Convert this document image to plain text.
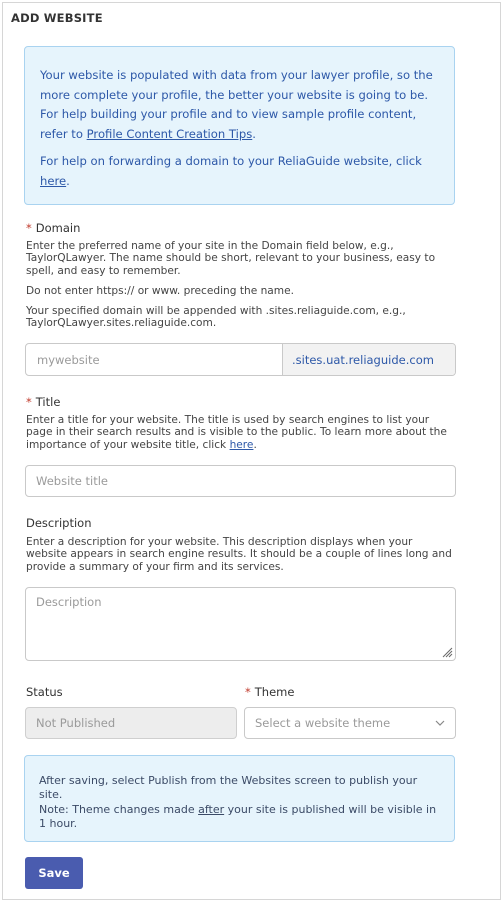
ADD WEBSITE

Your website is populated with data from your lawyer profile, so the more complete your profile, the better your website is going to be. For help building your profile and to view sample profile content, refer to Profile Content Creation Tips.

For help on forwarding a domain to your ReliaGuide website, click here.

* Domain

Enter the preferred name of your site in the Domain field below, e.g., TaylorQLawyer. The name should be short, relevant to your business, easy to spell, and easy to remember.

Do not enter https:// or www. preceding the name.

Your specified domain will be appended with .sites.reliaguide.com, e.g., TaylorQLawyer.sites.reliaguide.com.

mywebsite	.sites.uat.reliaguide.com
* Title
Enter a title for your website. The title is used by search engines to list your page in their search results and is visible to the public. To learn more about the importance of your website title, click here.
Website title
Description
Enter a description for your website. This description displays when your website appears in search engine results. It should be a couple of lines long and provide a summary of your firm and its services.
Description
Status	* Theme
Not Published	Select a website theme

After saving, select Publish from the Websites screen to publish your site.

Note: Theme changes made after your site is published will be visible in 1 hour.

Save
